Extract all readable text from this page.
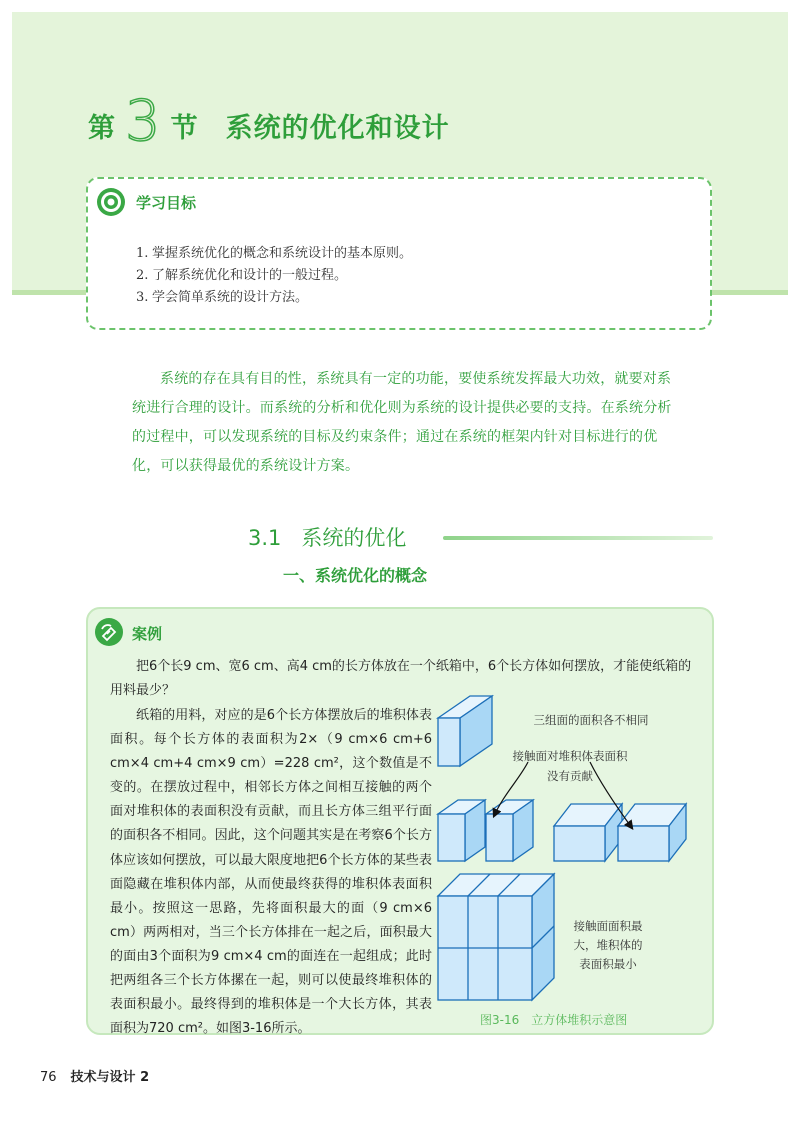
第 3 节 系统的优化和设计
学习目标
1. 掌握系统优化的概念和系统设计的基本原则。
2. 了解系统优化和设计的一般过程。
3. 学会简单系统的设计方法。
系统的存在具有目的性，系统具有一定的功能，要使系统发挥最大功效，就要对系统进行合理的设计。而系统的分析和优化则为系统的设计提供必要的支持。在系统分析的过程中，可以发现系统的目标及约束条件；通过在系统的框架内针对目标进行的优化，可以获得最优的系统设计方案。
3.1 系统的优化
一、系统优化的概念
案例
把6个长9 cm、宽6 cm、高4 cm的长方体放在一个纸箱中，6个长方体如何摆放，才能使纸箱的用料最少？
纸箱的用料，对应的是6个长方体摆放后的堆积体表面积。每个长方体的表面积为2×（9 cm×6 cm+6 cm×4 cm+4 cm×9 cm）=228 cm²，这个数值是不变的。在摆放过程中，相邻长方体之间相互接触的两个面对堆积体的表面积没有贡献，而且长方体三组平行面的面积各不相同。因此，这个问题其实是在考察6个长方体应该如何摆放，可以最大限度地把6个长方体的某些表面隐藏在堆积体内部，从而使最终获得的堆积体表面积最小。按照这一思路，先将面积最大的面（9 cm×6 cm）两两相对，当三个长方体排在一起之后，面积最大的面由3个面积为9 cm×4 cm的面连在一起组成；此时把两组各三个长方体摞在一起，则可以使最终堆积体的表面积最小。最终得到的堆积体是一个大长方体，其表面积为720 cm²。如图3-16所示。
三组面的面积各不相同
接触面对堆积体表面积
没有贡献
接触面面积最
大，堆积体的
表面积最小
图3-16 立方体堆积示意图
76 技术与设计 2
